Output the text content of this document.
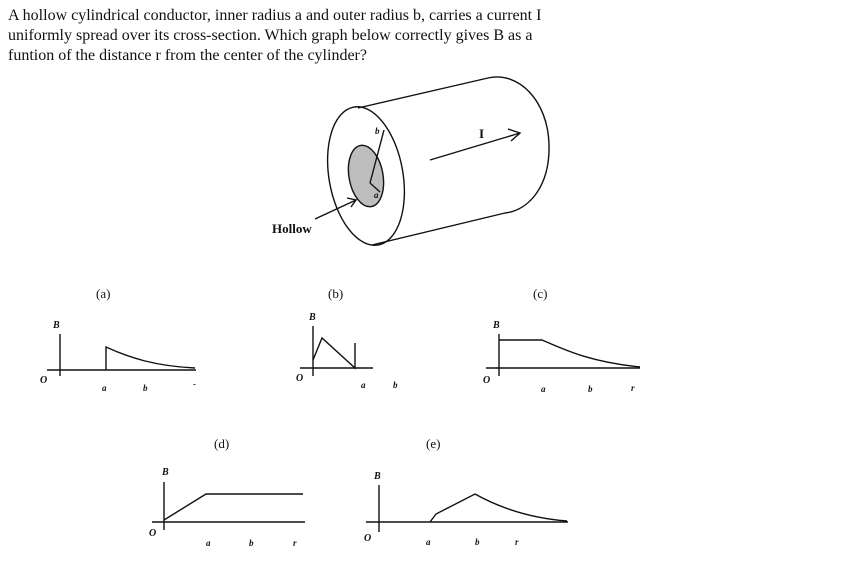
A hollow cylindrical conductor, inner radius a and outer radius b, carries a current I
uniformly spread over its cross-section. Which graph below correctly gives B as a
funtion of the distance r from the center of the cylinder?
Hollow
I
b
a
(a)
B
O
a	b	-
(b)
B
O
a	b
(c)
B
O
a	b	r
(d)
B
O
a	b	r
(e)
B
O	a	b	r
